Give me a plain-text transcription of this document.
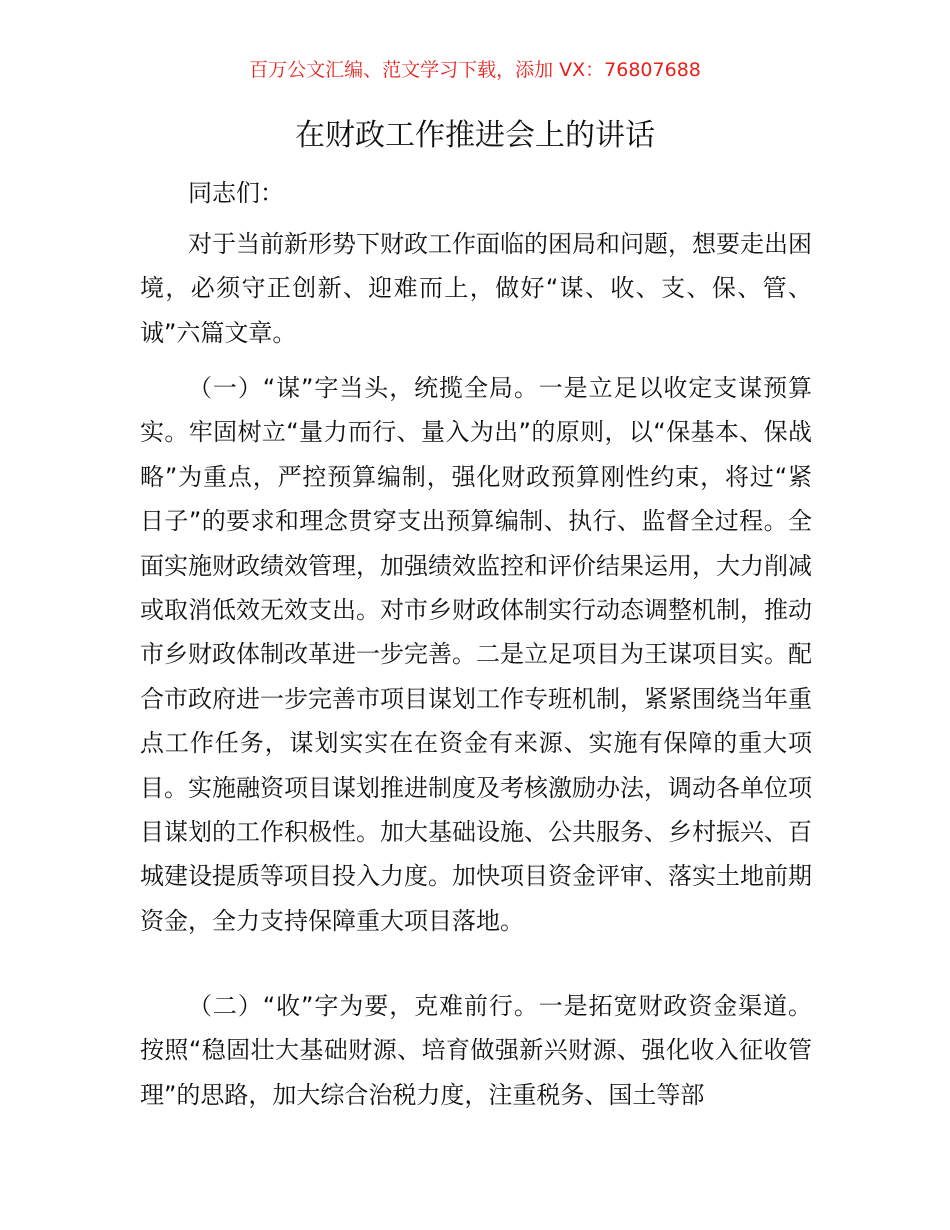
百万公文汇编、范文学习下载，添加 VX：76807688
在财政工作推进会上的讲话

同志们：

对于当前新形势下财政工作面临的困局和问题，想要走出困境，必须守正创新、迎难而上，做好“谋、收、支、保、管、诚”六篇文章。

（一）“谋”字当头，统揽全局。一是立足以收定支谋预算实。牢固树立“量力而行、量入为出”的原则，以“保基本、保战略”为重点，严控预算编制，强化财政预算刚性约束，将过“紧日子”的要求和理念贯穿支出预算编制、执行、监督全过程。全面实施财政绩效管理，加强绩效监控和评价结果运用，大力削减或取消低效无效支出。对市乡财政体制实行动态调整机制，推动市乡财政体制改革进一步完善。二是立足项目为王谋项目实。配合市政府进一步完善市项目谋划工作专班机制，紧紧围绕当年重点工作任务，谋划实实在在资金有来源、实施有保障的重大项目。实施融资项目谋划推进制度及考核激励办法，调动各单位项目谋划的工作积极性。加大基础设施、公共服务、乡村振兴、百城建设提质等项目投入力度。加快项目资金评审、落实土地前期资金，全力支持保障重大项目落地。

（二）“收”字为要，克难前行。一是拓宽财政资金渠道。按照“稳固壮大基础财源、培育做强新兴财源、强化收入征收管理”的思路，加大综合治税力度，注重税务、国土等部
